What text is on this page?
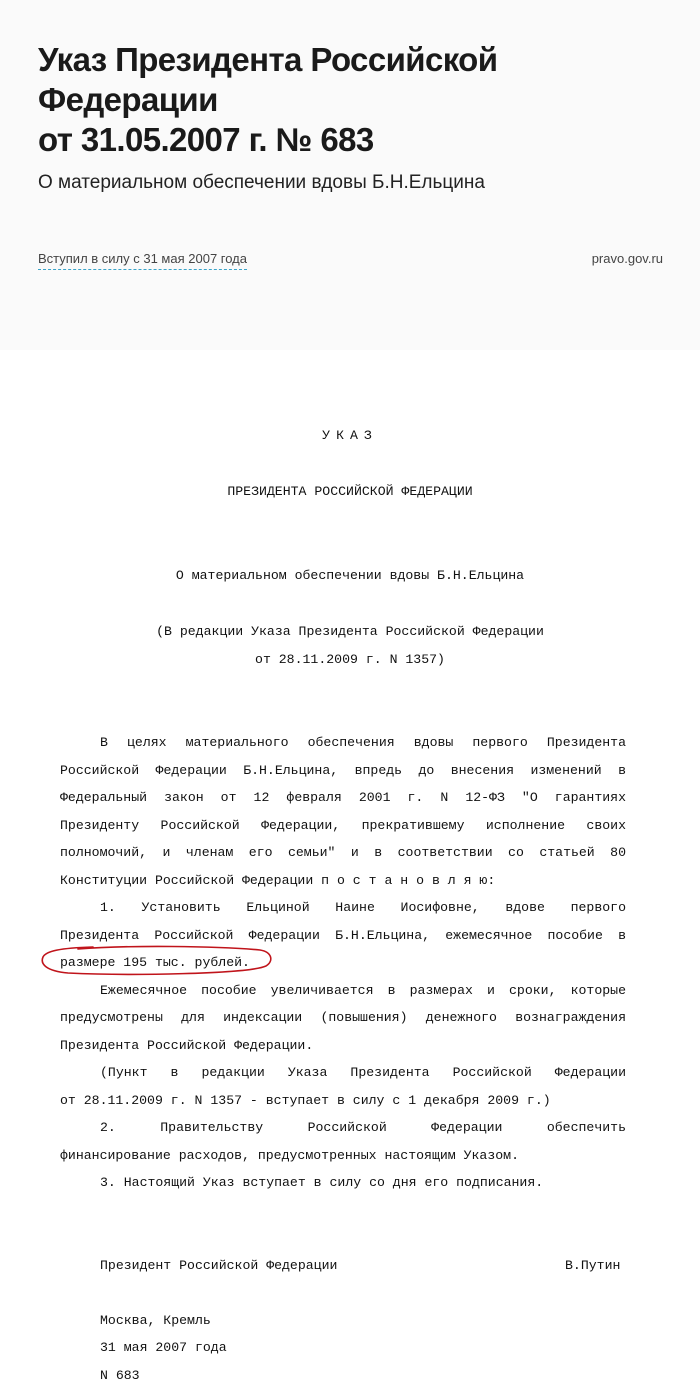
Указ Президента Российской Федерации
от 31.05.2007 г. № 683
О материальном обеспечении вдовы Б.Н.Ельцина
Вступил в силу с 31 мая 2007 года	pravo.gov.ru
УКАЗ
ПРЕЗИДЕНТА РОССИЙСКОЙ ФЕДЕРАЦИИ
О материальном обеспечении вдовы Б.Н.Ельцина
(В редакции Указа Президента Российской Федерации
от 28.11.2009 г. N 1357)
В целях материального обеспечения вдовы первого Президента
Российской Федерации Б.Н.Ельцина, впредь до внесения изменений в
Федеральный закон от 12 февраля 2001 г. N 12-ФЗ "О гарантиях
Президенту Российской Федерации, прекратившему исполнение своих
полномочий, и членам его семьи" и в соответствии со статьей 80
Конституции Российской Федерации п о с т а н о в л я ю:
1. Установить Ельциной Наине Иосифовне, вдове первого
Президента Российской Федерации Б.Н.Ельцина, ежемесячное пособие в
размере 195 тыс. рублей.
Ежемесячное пособие увеличивается в размерах и сроки, которые
предусмотрены для индексации (повышения) денежного вознаграждения
Президента Российской Федерации.
(Пункт в редакции Указа Президента Российской Федерации
от 28.11.2009 г. N 1357 - вступает в силу с 1 декабря 2009 г.)
2. Правительству Российской Федерации обеспечить
финансирование расходов, предусмотренных настоящим Указом.
3. Настоящий Указ вступает в силу со дня его подписания.
Президент Российской Федерации	В.Путин
Москва, Кремль
31 мая 2007 года
N 683
